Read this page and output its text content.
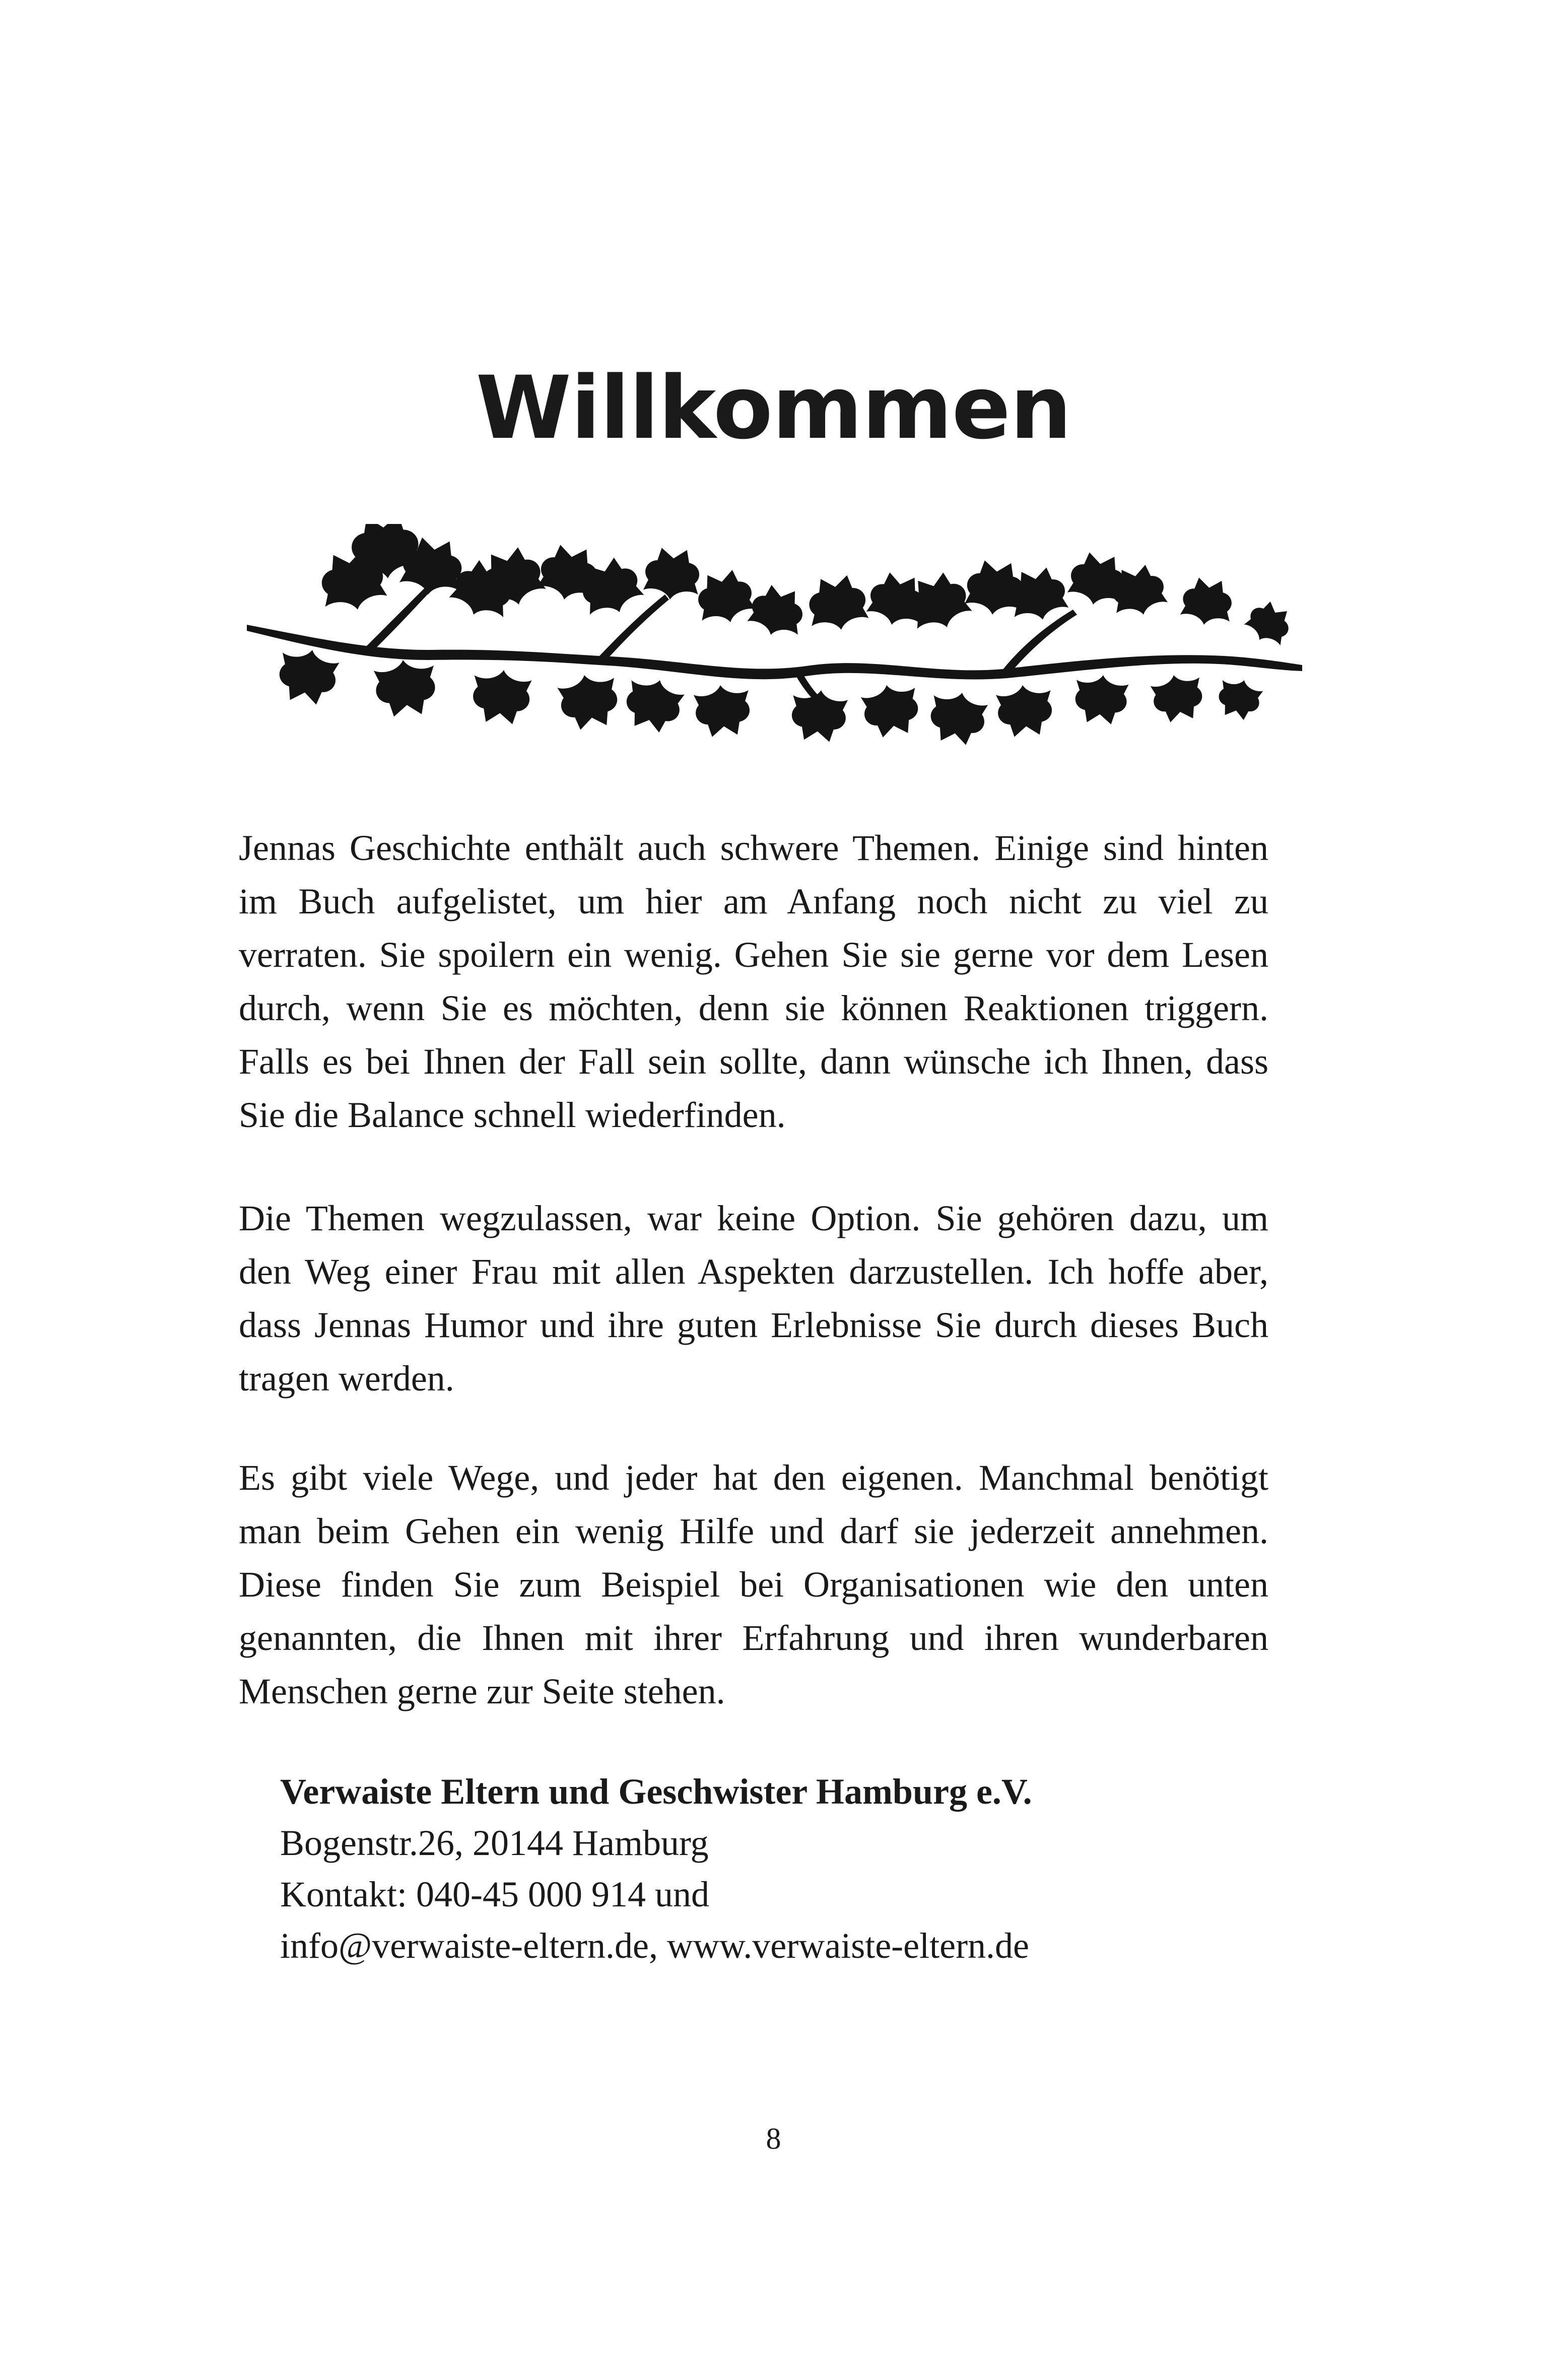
Willkommen
Jennas Geschichte enthält auch schwere Themen. Einige sind hinten im Buch aufgelistet, um hier am Anfang noch nicht zu viel zu verraten. Sie spoilern ein wenig. Gehen Sie sie gerne vor dem Lesen durch, wenn Sie es möchten, denn sie können Reaktionen triggern. Falls es bei Ihnen der Fall sein sollte, dann wünsche ich Ihnen, dass Sie die Balance schnell wiederfinden.
Die Themen wegzulassen, war keine Option. Sie gehören dazu, um den Weg einer Frau mit allen Aspekten darzustellen. Ich hoffe aber, dass Jennas Humor und ihre guten Erlebnisse Sie durch dieses Buch tragen werden.
Es gibt viele Wege, und jeder hat den eigenen. Manchmal benötigt man beim Gehen ein wenig Hilfe und darf sie jederzeit annehmen. Diese finden Sie zum Beispiel bei Organisationen wie den unten genannten, die Ihnen mit ihrer Erfahrung und ihren wunderbaren Menschen gerne zur Seite stehen.
Verwaiste Eltern und Geschwister Hamburg e.V.
Bogenstr.26, 20144 Hamburg
Kontakt: 040-45 000 914 und
info@verwaiste-eltern.de, www.verwaiste-eltern.de
8
